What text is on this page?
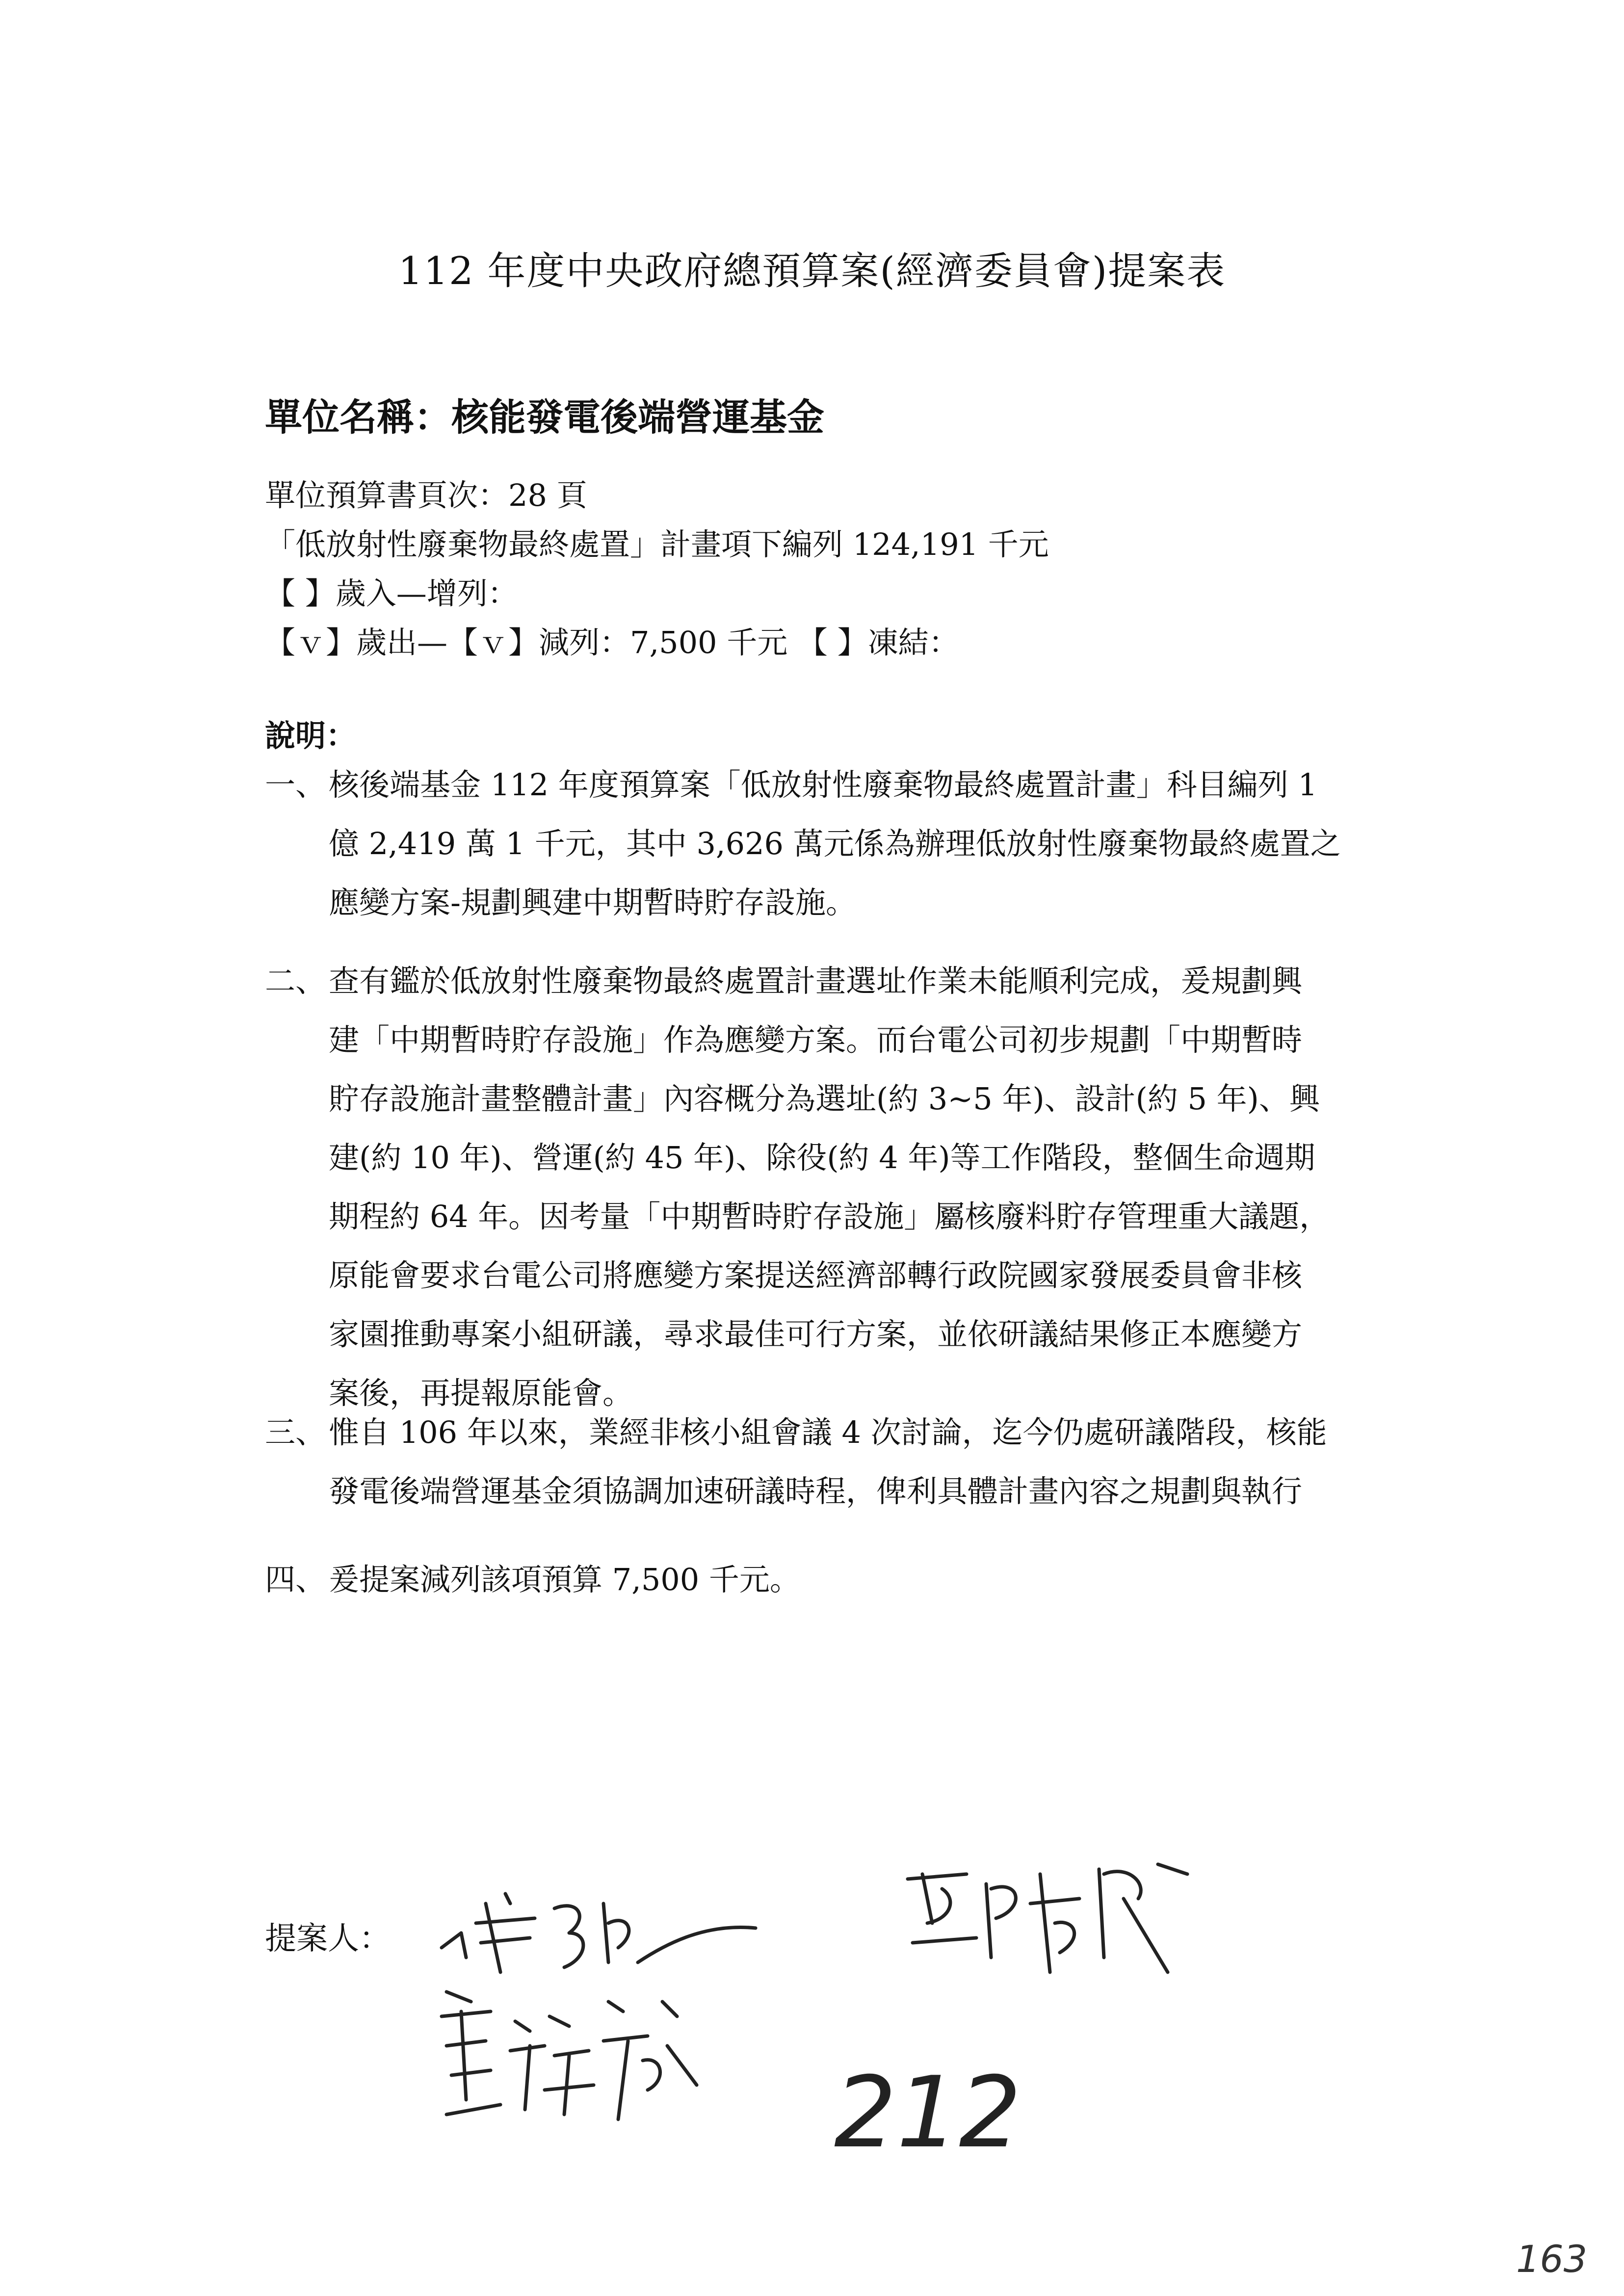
112 年度中央政府總預算案(經濟委員會)提案表
單位名稱：核能發電後端營運基金
單位預算書頁次：28 頁
「低放射性廢棄物最終處置」計畫項下編列 124,191 千元
【 】歲入—增列：
【ｖ】歲出—【ｖ】減列：7,500 千元 【 】凍結：
說明：
一、 核後端基金 112 年度預算案「低放射性廢棄物最終處置計畫」科目編列 1
億 2,419 萬 1 千元，其中 3,626 萬元係為辦理低放射性廢棄物最終處置之
應變方案-規劃興建中期暫時貯存設施。
二、 查有鑑於低放射性廢棄物最終處置計畫選址作業未能順利完成，爰規劃興
建「中期暫時貯存設施」作為應變方案。而台電公司初步規劃「中期暫時
貯存設施計畫整體計畫」內容概分為選址(約 3~5 年)、設計(約 5 年)、興
建(約 10 年)、營運(約 45 年)、除役(約 4 年)等工作階段，整個生命週期
期程約 64 年。因考量「中期暫時貯存設施」屬核廢料貯存管理重大議題，
原能會要求台電公司將應變方案提送經濟部轉行政院國家發展委員會非核
家園推動專案小組研議，尋求最佳可行方案，並依研議結果修正本應變方
案後，再提報原能會。
三、 惟自 106 年以來，業經非核小組會議 4 次討論，迄今仍處研議階段，核能
發電後端營運基金須協調加速研議時程，俾利具體計畫內容之規劃與執行
四、 爰提案減列該項預算 7,500 千元。
提案人：
212
163
